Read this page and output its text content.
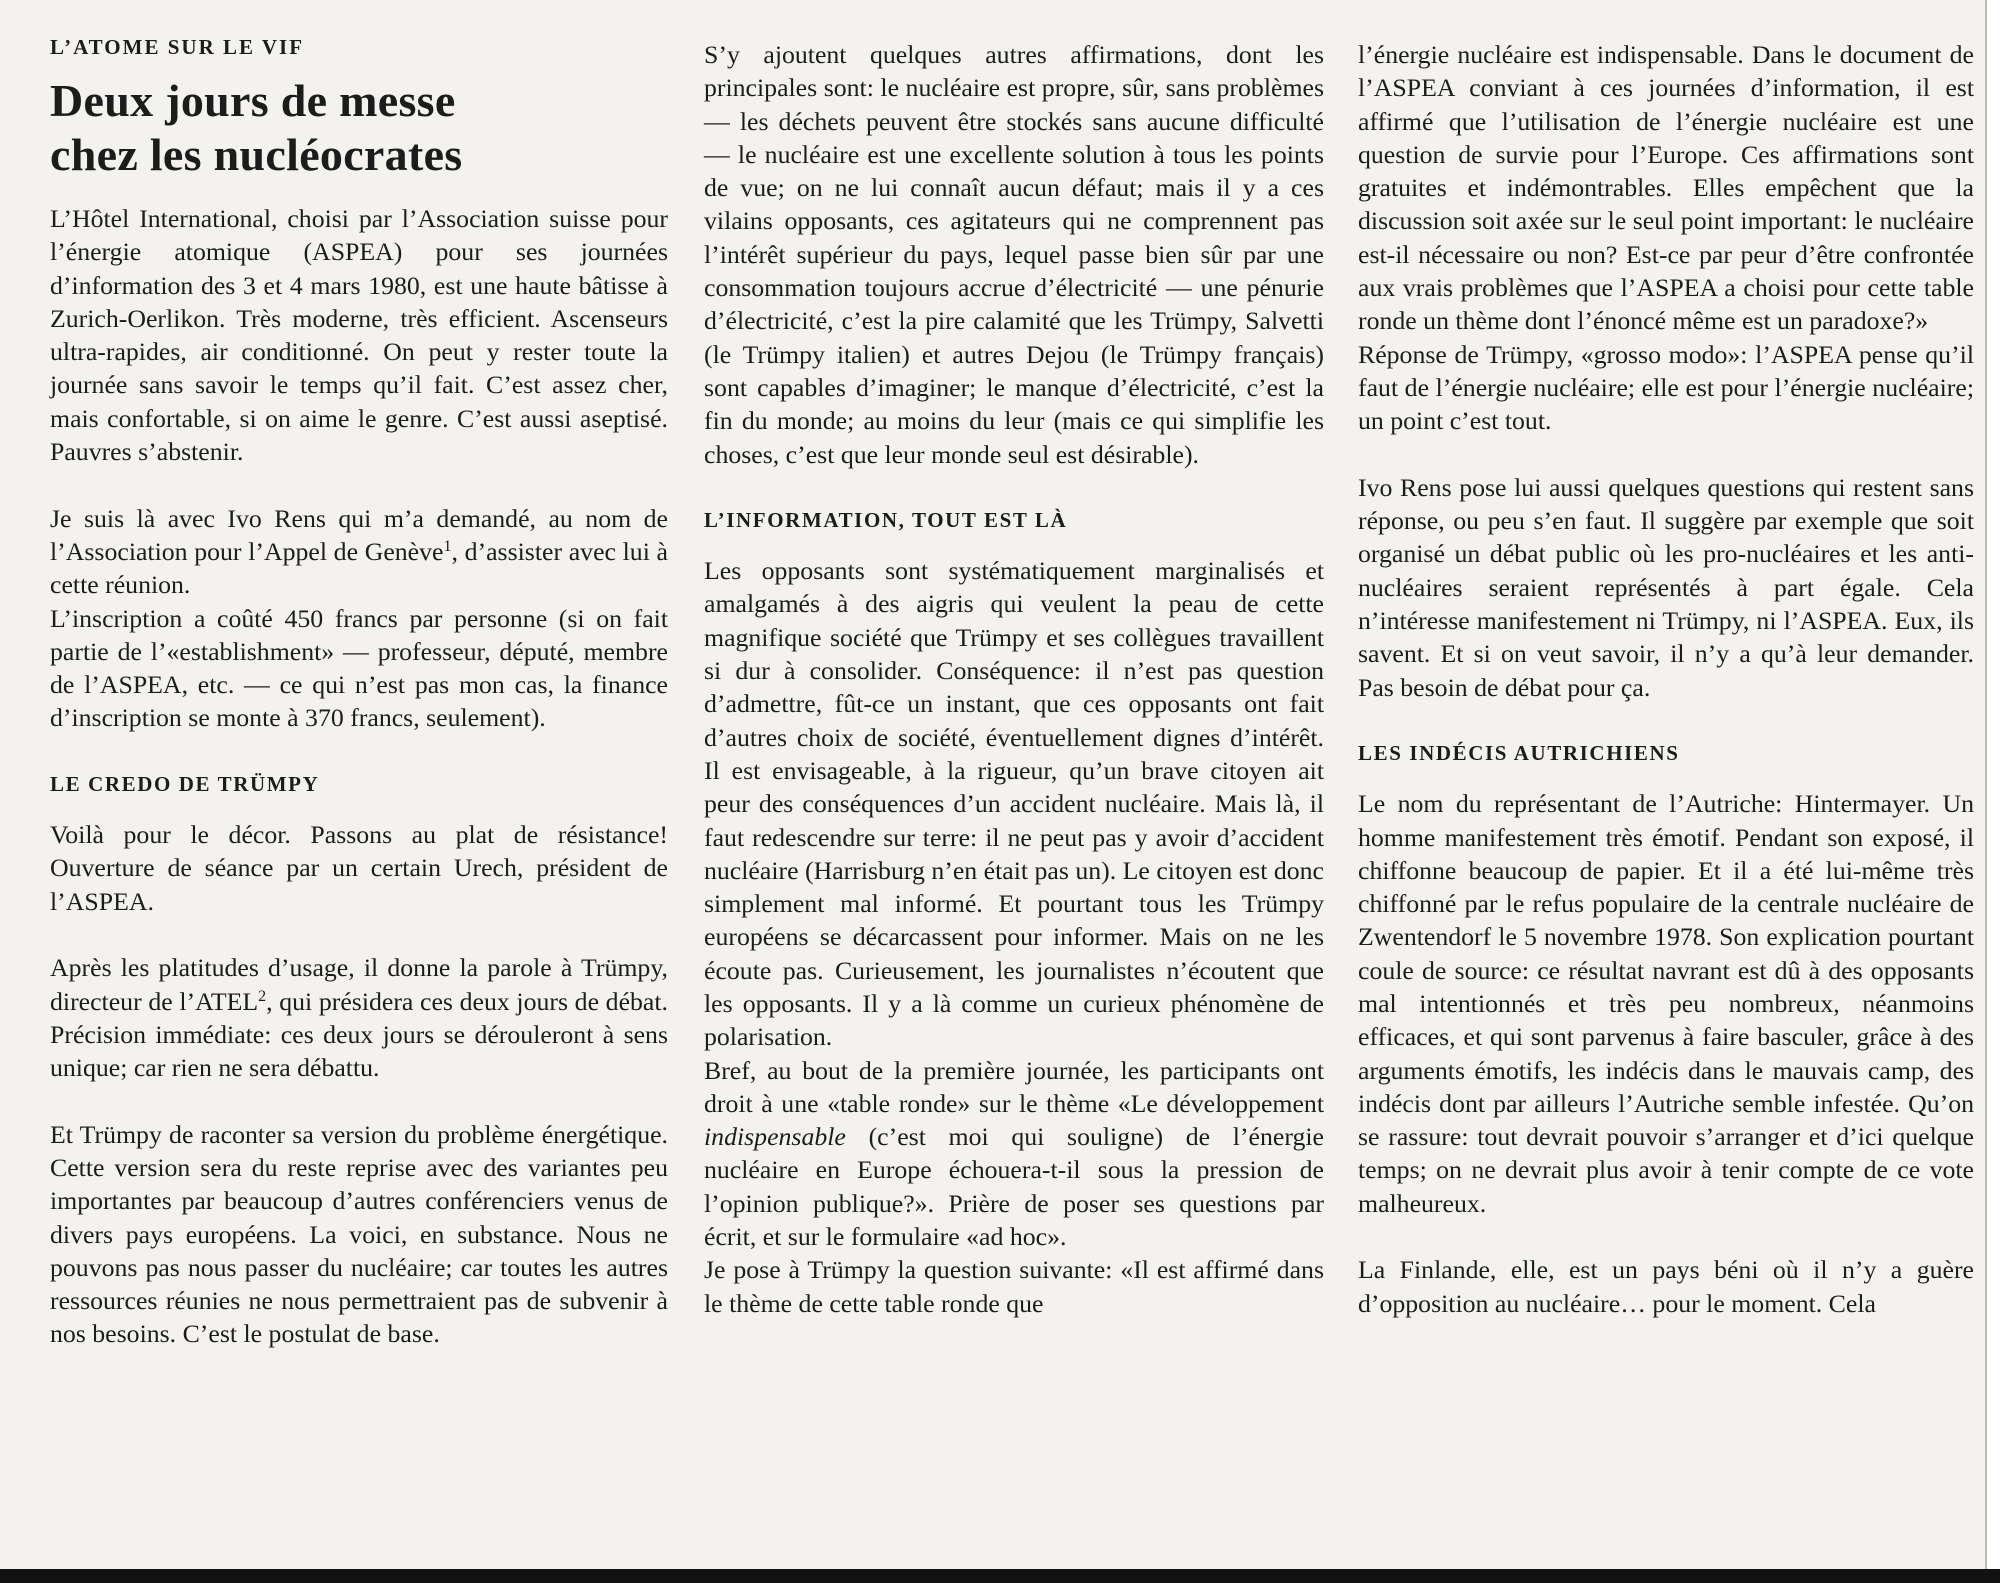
L’ATOME SUR LE VIF
Deux jours de messe
chez les nucléocrates

L’Hôtel International, choisi par l’Association suisse pour l’énergie atomique (ASPEA) pour ses journées d’information des 3 et 4 mars 1980, est une haute bâtisse à Zurich-Oerlikon. Très moderne, très efficient. Ascenseurs ultra-rapides, air conditionné. On peut y rester toute la journée sans savoir le temps qu’il fait. C’est assez cher, mais confortable, si on aime le genre. C’est aussi aseptisé. Pauvres s’abstenir.

Je suis là avec Ivo Rens qui m’a demandé, au nom de l’Association pour l’Appel de Genève$^1$, d’assister avec lui à cette réunion.

L’inscription a coûté 450 francs par personne (si on fait partie de l’«establishment» — professeur, député, membre de l’ASPEA, etc. — ce qui n’est pas mon cas, la finance d’inscription se monte à 370 francs, seulement).

LE CREDO DE TRÜMPY

Voilà pour le décor. Passons au plat de résistance! Ouverture de séance par un certain Urech, président de l’ASPEA.

Après les platitudes d’usage, il donne la parole à Trümpy, directeur de l’ATEL$^2$, qui présidera ces deux jours de débat. Précision immédiate: ces deux jours se dérouleront à sens unique; car rien ne sera débattu.

Et Trümpy de raconter sa version du problème énergétique. Cette version sera du reste reprise avec des variantes peu importantes par beaucoup d’autres conférenciers venus de divers pays européens. La voici, en substance. Nous ne pouvons pas nous passer du nucléaire; car toutes les autres ressources réunies ne nous permettraient pas de subvenir à nos besoins. C’est le postulat de base.

S’y ajoutent quelques autres affirmations, dont les principales sont: le nucléaire est propre, sûr, sans problèmes — les déchets peuvent être stockés sans aucune difficulté — le nucléaire est une excellente solution à tous les points de vue; on ne lui connaît aucun défaut; mais il y a ces vilains opposants, ces agitateurs qui ne comprennent pas l’intérêt supérieur du pays, lequel passe bien sûr par une consommation toujours accrue d’électricité — une pénurie d’électricité, c’est la pire calamité que les Trümpy, Salvetti (le Trümpy italien) et autres Dejou (le Trümpy français) sont capables d’imaginer; le manque d’électricité, c’est la fin du monde; au moins du leur (mais ce qui simplifie les choses, c’est que leur monde seul est désirable).

L’INFORMATION, TOUT EST LÀ

Les opposants sont systématiquement marginalisés et amalgamés à des aigris qui veulent la peau de cette magnifique société que Trümpy et ses collègues travaillent si dur à consolider. Conséquence: il n’est pas question d’admettre, fût-ce un instant, que ces opposants ont fait d’autres choix de société, éventuellement dignes d’intérêt. Il est envisageable, à la rigueur, qu’un brave citoyen ait peur des conséquences d’un accident nucléaire. Mais là, il faut redescendre sur terre: il ne peut pas y avoir d’accident nucléaire (Harrisburg n’en était pas un). Le citoyen est donc simplement mal informé. Et pourtant tous les Trümpy européens se décarcassent pour informer. Mais on ne les écoute pas. Curieusement, les journalistes n’écoutent que les opposants. Il y a là comme un curieux phénomène de polarisation.

Bref, au bout de la première journée, les participants ont droit à une «table ronde» sur le thème «Le développement indispensable (c’est moi qui souligne) de l’énergie nucléaire en Europe échouera-t-il sous la pression de l’opinion publique?». Prière de poser ses questions par écrit, et sur le formulaire «ad hoc».

Je pose à Trümpy la question suivante: «Il est affirmé dans le thème de cette table ronde que

l’énergie nucléaire est indispensable. Dans le document de l’ASPEA conviant à ces journées d’information, il est affirmé que l’utilisation de l’énergie nucléaire est une question de survie pour l’Europe. Ces affirmations sont gratuites et indémontrables. Elles empêchent que la discussion soit axée sur le seul point important: le nucléaire est-il nécessaire ou non? Est-ce par peur d’être confrontée aux vrais problèmes que l’ASPEA a choisi pour cette table ronde un thème dont l’énoncé même est un paradoxe?»

Réponse de Trümpy, «grosso modo»: l’ASPEA pense qu’il faut de l’énergie nucléaire; elle est pour l’énergie nucléaire; un point c’est tout.

Ivo Rens pose lui aussi quelques questions qui restent sans réponse, ou peu s’en faut. Il suggère par exemple que soit organisé un débat public où les pro-nucléaires et les anti-nucléaires seraient représentés à part égale. Cela n’intéresse manifestement ni Trümpy, ni l’ASPEA. Eux, ils savent. Et si on veut savoir, il n’y a qu’à leur demander. Pas besoin de débat pour ça.

LES INDÉCIS AUTRICHIENS

Le nom du représentant de l’Autriche: Hintermayer. Un homme manifestement très émotif. Pendant son exposé, il chiffonne beaucoup de papier. Et il a été lui-même très chiffonné par le refus populaire de la centrale nucléaire de Zwentendorf le 5 novembre 1978. Son explication pourtant coule de source: ce résultat navrant est dû à des opposants mal intentionnés et très peu nombreux, néanmoins efficaces, et qui sont parvenus à faire basculer, grâce à des arguments émotifs, les indécis dans le mauvais camp, des indécis dont par ailleurs l’Autriche semble infestée. Qu’on se rassure: tout devrait pouvoir s’arranger et d’ici quelque temps; on ne devrait plus avoir à tenir compte de ce vote malheureux.

La Finlande, elle, est un pays béni où il n’y a guère d’opposition au nucléaire… pour le moment. Cela
